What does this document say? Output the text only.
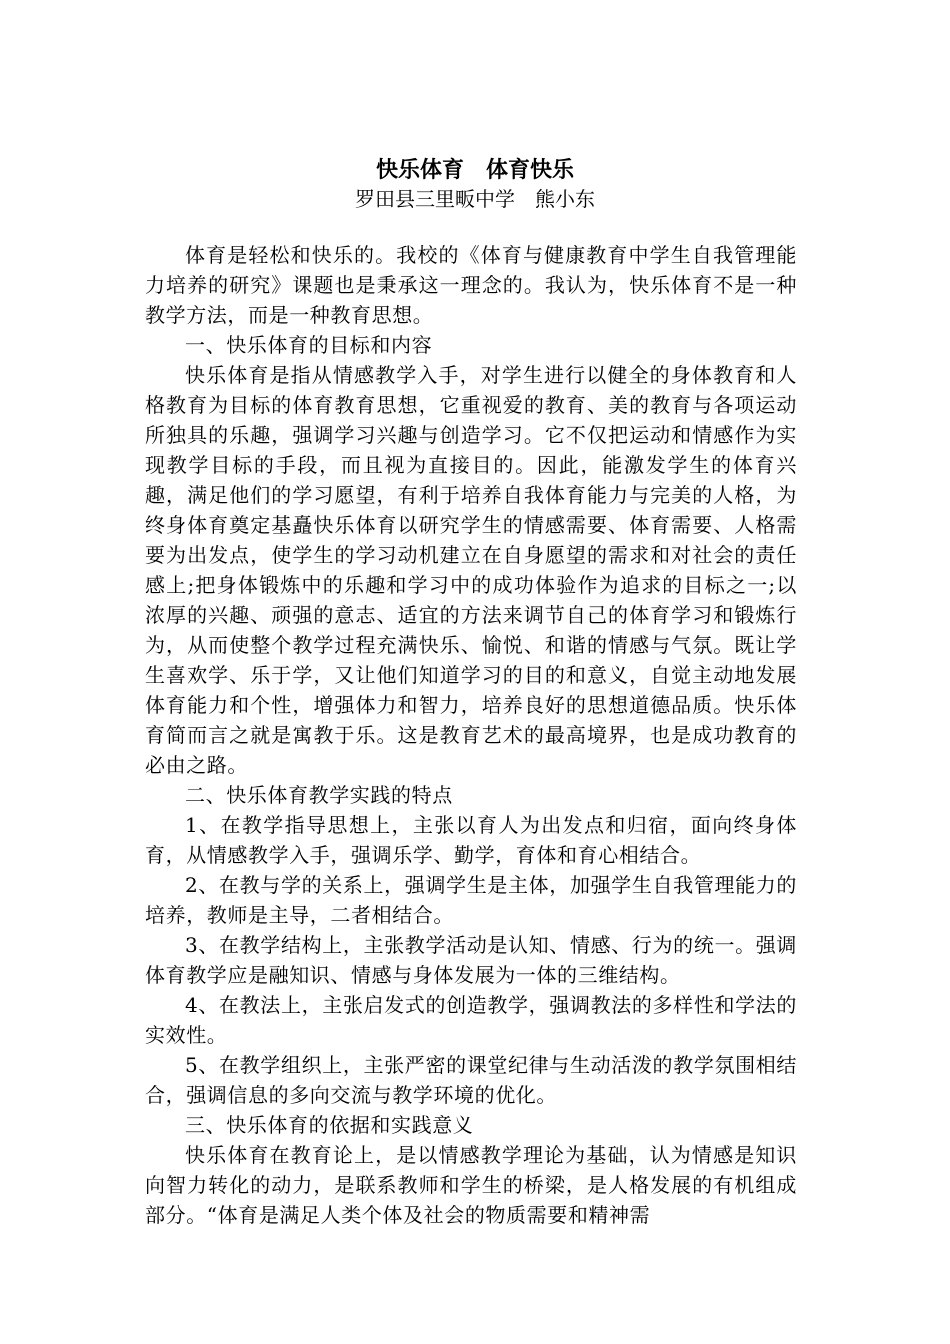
快乐体育　体育快乐
罗田县三里畈中学　熊小东

体育是轻松和快乐的。我校的《体育与健康教育中学生自我管理能力培养的研究》课题也是秉承这一理念的。我认为，快乐体育不是一种教学方法，而是一种教育思想。

一、快乐体育的目标和内容

快乐体育是指从情感教学入手，对学生进行以健全的身体教育和人格教育为目标的体育教育思想，它重视爱的教育、美的教育与各项运动所独具的乐趣，强调学习兴趣与创造学习。它不仅把运动和情感作为实现教学目标的手段，而且视为直接目的。因此，能激发学生的体育兴趣，满足他们的学习愿望，有利于培养自我体育能力与完美的人格，为终身体育奠定基矗快乐体育以研究学生的情感需要、体育需要、人格需要为出发点，使学生的学习动机建立在自身愿望的需求和对社会的责任感上;把身体锻炼中的乐趣和学习中的成功体验作为追求的目标之一;以浓厚的兴趣、顽强的意志、适宜的方法来调节自己的体育学习和锻炼行为，从而使整个教学过程充满快乐、愉悦、和谐的情感与气氛。既让学生喜欢学、乐于学，又让他们知道学习的目的和意义，自觉主动地发展体育能力和个性，增强体力和智力，培养良好的思想道德品质。快乐体育简而言之就是寓教于乐。这是教育艺术的最高境界，也是成功教育的必由之路。

二、快乐体育教学实践的特点

1、在教学指导思想上，主张以育人为出发点和归宿，面向终身体育，从情感教学入手，强调乐学、勤学，育体和育心相结合。

2、在教与学的关系上，强调学生是主体，加强学生自我管理能力的培养，教师是主导，二者相结合。

3、在教学结构上，主张教学活动是认知、情感、行为的统一。强调体育教学应是融知识、情感与身体发展为一体的三维结构。

4、在教法上，主张启发式的创造教学，强调教法的多样性和学法的实效性。

5、在教学组织上，主张严密的课堂纪律与生动活泼的教学氛围相结合，强调信息的多向交流与教学环境的优化。

三、快乐体育的依据和实践意义

快乐体育在教育论上，是以情感教学理论为基础，认为情感是知识向智力转化的动力，是联系教师和学生的桥梁，是人格发展的有机组成部分。“体育是满足人类个体及社会的物质需要和精神需
